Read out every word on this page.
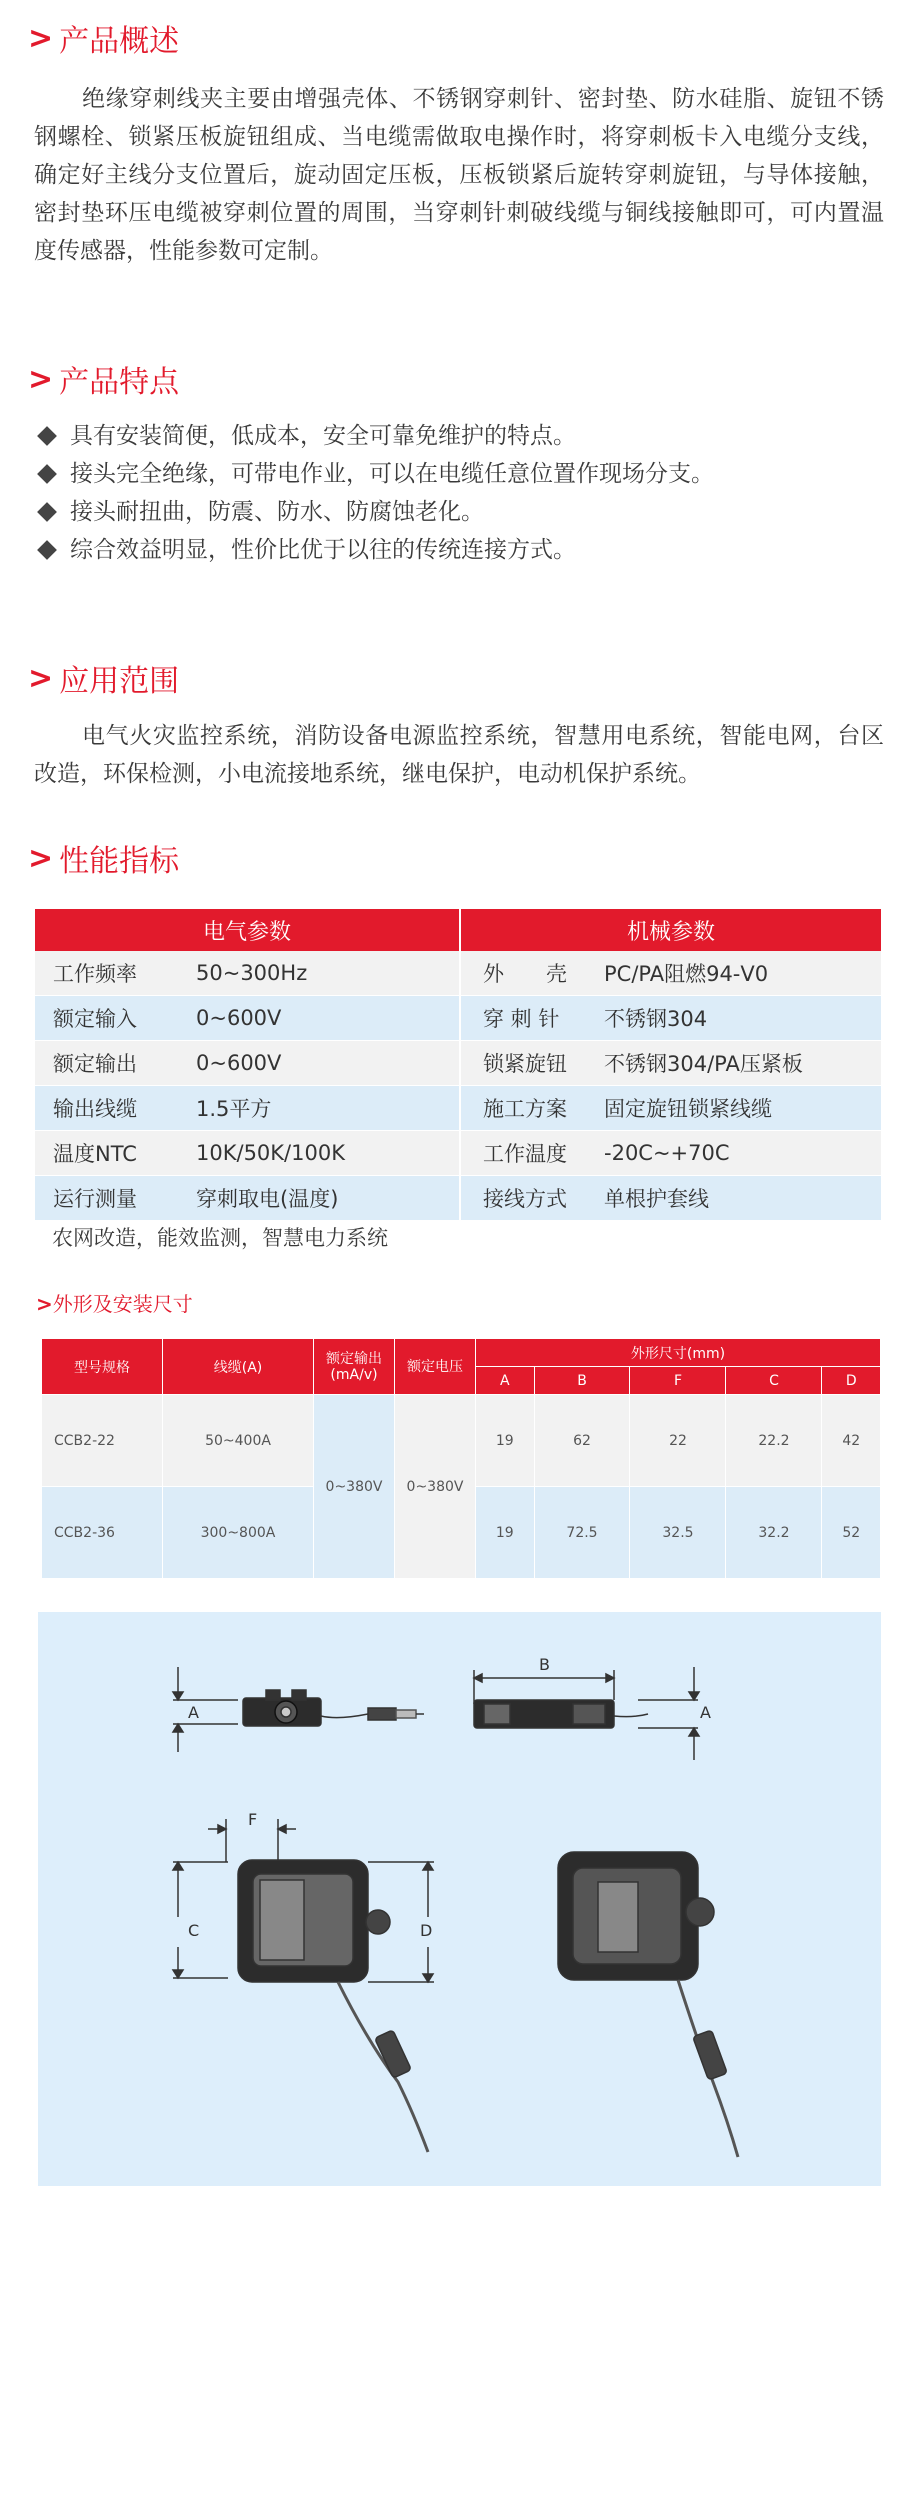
> 产品概述
绝缘穿刺线夹主要由增强壳体、不锈钢穿刺针、密封垫、防水硅脂、旋钮不锈钢螺栓、锁紧压板旋钮组成、当电缆需做取电操作时，将穿刺板卡入电缆分支线，确定好主线分支位置后，旋动固定压板，压板锁紧后旋转穿刺旋钮，与导体接触，密封垫环压电缆被穿刺位置的周围，当穿刺针刺破线缆与铜线接触即可，可内置温度传感器，性能参数可定制。
> 产品特点
具有安装简便，低成本，安全可靠免维护的特点。
接头完全绝缘，可带电作业，可以在电缆任意位置作现场分支。
接头耐扭曲，防震、防水、防腐蚀老化。
综合效益明显，性价比优于以往的传统连接方式。
> 应用范围
电气火灾监控系统，消防设备电源监控系统，智慧用电系统，智能电网，台区改造，环保检测，小电流接地系统，继电保护，电动机保护系统。
> 性能指标
电气参数		机械参数	
工作频率	50~300Hz	外　　壳	PC/PA阻燃94-V0
额定输入	0~600V	穿 刺 针	不锈钢304
额定输出	0~600V	锁紧旋钮	不锈钢304/PA压紧板
输出线缆	1.5平方	施工方案	固定旋钮锁紧线缆
温度NTC	10K/50K/100K	工作温度	-20C~+70C
运行测量	穿刺取电(温度)	接线方式	单根护套线
农网改造，能效监测，智慧电力系统
>外形及安装尺寸
型号规格	线缆(A)	额定输出(mA/v)	额定电压	外形尺寸(mm)				
				A	B	F	C	D
CCB2-22	50~400A	0~380V	0~380V	19	62	22	22.2	42
CCB2-36	300~800A			19	72.5	32.5	32.2	52
A
B
A
F
C	D
